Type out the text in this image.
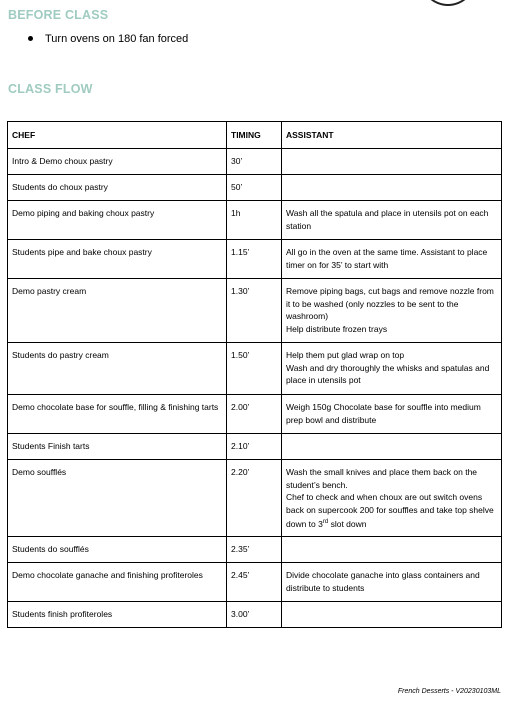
BEFORE CLASS
Turn ovens on 180 fan forced
CLASS FLOW
CHEF	TIMING	ASSISTANT
Intro & Demo choux pastry	30’	
Students do choux pastry	50’	
Demo piping and baking choux pastry	1h	Wash all the spatula and place in utensils pot on each station
Students pipe and bake choux pastry	1.15’	All go in the oven at the same time. Assistant to place timer on for 35’ to start with
Demo pastry cream	1.30’	Remove piping bags, cut bags and remove nozzle from it to be washed (only nozzles to be sent to the washroom)
Help distribute frozen trays
Students do pastry cream	1.50’	Help them put glad wrap on top
Wash and dry thoroughly the whisks and spatulas and place in utensils pot
Demo chocolate base for souffle, filling & finishing tarts	2.00’	Weigh 150g Chocolate base for souffle into medium prep bowl and distribute
Students Finish tarts	2.10’	
Demo soufflés	2.20’	Wash the small knives and place them back on the student’s bench.
Chef to check and when choux are out switch ovens back on supercook 200 for souffles and take top shelve down to 3rd slot down
Students do soufflés	2.35’	
Demo chocolate ganache and finishing profiteroles	2.45’	Divide chocolate ganache into glass containers and distribute to students
Students finish profiteroles	3.00’	
French Desserts - V20230103ML
